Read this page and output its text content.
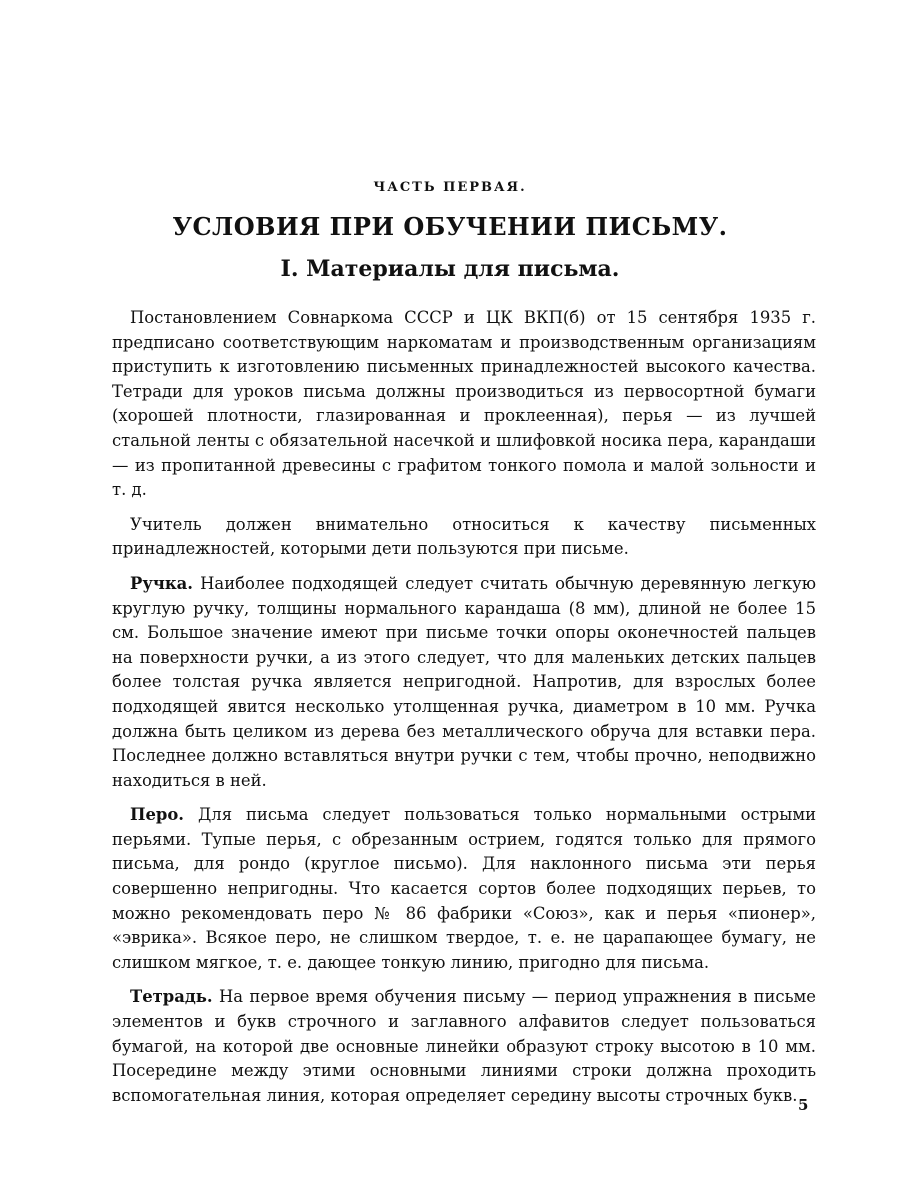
ЧАСТЬ ПЕРВАЯ.
УСЛОВИЯ ПРИ ОБУЧЕНИИ ПИСЬМУ.
I. Материалы для письма.

Постановлением Совнаркома СССР и ЦК ВКП(б) от 15 сентября 1935 г. предписано соответствующим наркоматам и производственным организациям приступить к изготовлению письменных принадлежностей высокого качества. Тетради для уроков письма должны производиться из первосортной бумаги (хорошей плотности, глазированная и проклеенная), перья — из лучшей стальной ленты с обязательной насечкой и шлифовкой носика пера, карандаши — из пропитанной древесины с графитом тонкого помола и малой зольности и т. д.

Учитель должен внимательно относиться к качеству письменных принадлежностей, которыми дети пользуются при письме.

Ручка. Наиболее подходящей следует считать обычную деревянную легкую круглую ручку, толщины нормального карандаша (8 мм), длиной не более 15 см. Большое значение имеют при письме точки опоры оконечностей пальцев на поверхности ручки, а из этого следует, что для маленьких детских пальцев более толстая ручка является непригодной. Напротив, для взрослых более подходящей явится несколько утолщенная ручка, диаметром в 10 мм. Ручка должна быть целиком из дерева без металлического обруча для вставки пера. Последнее должно вставляться внутри ручки с тем, чтобы прочно, неподвижно находиться в ней.

Перо. Для письма следует пользоваться только нормальными острыми перьями. Тупые перья, с обрезанным острием, годятся только для прямого письма, для рондо (круглое письмо). Для наклонного письма эти перья совершенно непригодны. Что касается сортов более подходящих перьев, то можно рекомендовать перо № 86 фабрики «Союз», как и перья «пионер», «эврика». Всякое перо, не слишком твердое, т. е. не царапающее бумагу, не слишком мягкое, т. е. дающее тонкую линию, пригодно для письма.

Тетрадь. На первое время обучения письму — период упражнения в письме элементов и букв строчного и заглавного алфавитов следует пользоваться бумагой, на которой две основные линейки образуют строку высотою в 10 мм. Посередине между этими основными линиями строки должна проходить вспомогательная линия, которая определяет середину высоты строчных букв.

5
